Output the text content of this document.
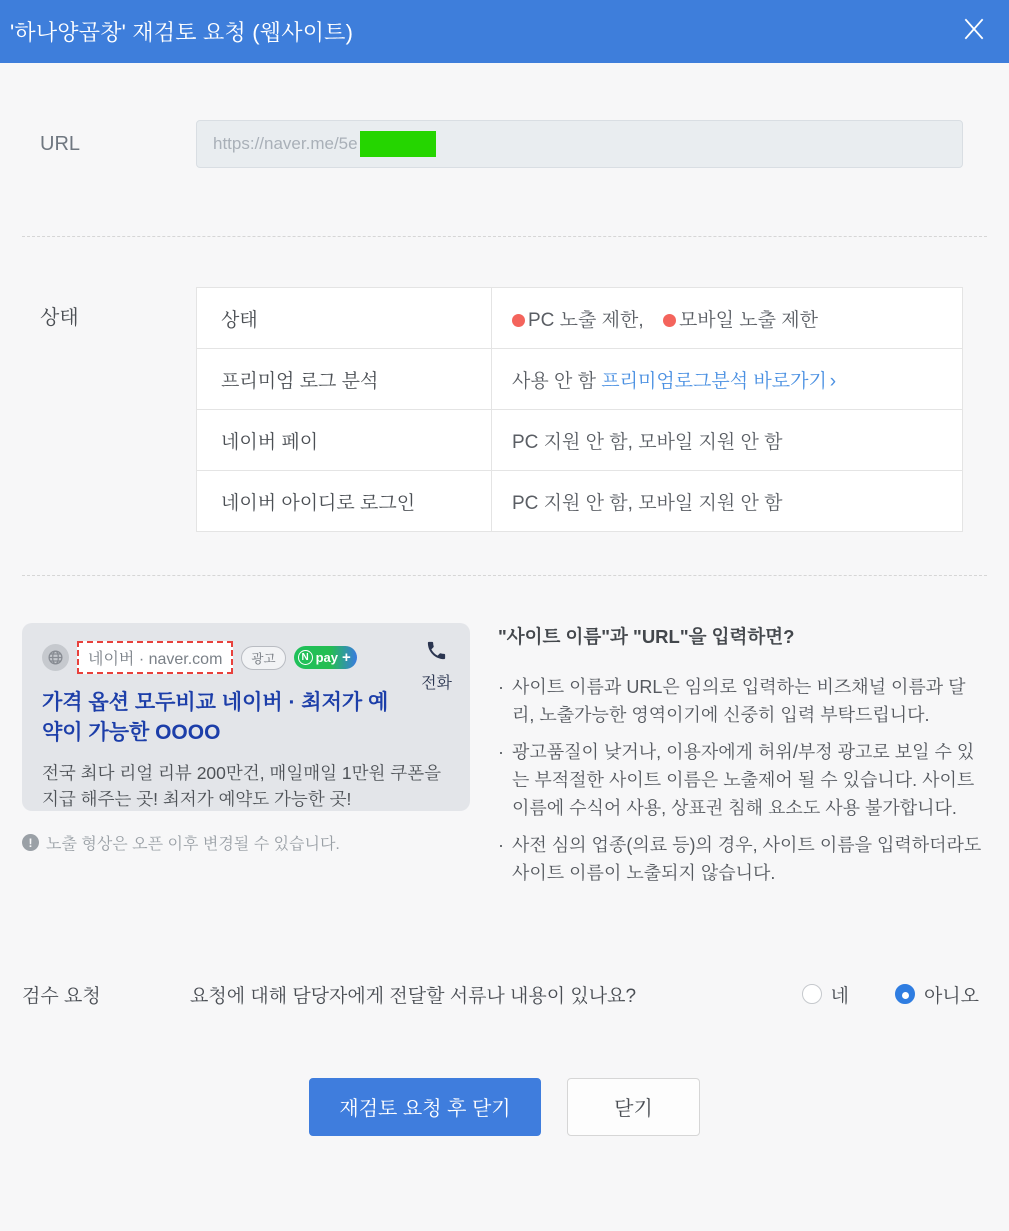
'하나양곱창' 재검토 요청 (웹사이트)
URL	https://naver.me/5e
상태	상태	PC 노출 제한, 모바일 노출 제한
프리미엄 로그 분석	사용 안 함 프리미엄로그분석 바로가기 ›
네이버 페이	PC 지원 안 함, 모바일 지원 안 함
네이버 아이디로 로그인	PC 지원 안 함, 모바일 지원 안 함
네이버 · naver.com	광고	N pay +
전화
가격 옵션 모두비교 네이버 · 최저가 예약이 가능한 OOOO
전국 최다 리얼 리뷰 200만건, 매일매일 1만원 쿠폰을 지급 해주는 곳! 최저가 예약도 가능한 곳!
! 노출 형상은 오픈 이후 변경될 수 있습니다.
"사이트 이름"과 "URL"을 입력하면?
· 사이트 이름과 URL은 임의로 입력하는 비즈채널 이름과 달리, 노출가능한 영역이기에 신중히 입력 부탁드립니다.
· 광고품질이 낮거나, 이용자에게 허위/부정 광고로 보일 수 있는 부적절한 사이트 이름은 노출제어 될 수 있습니다. 사이트이름에 수식어 사용, 상표권 침해 요소도 사용 불가합니다.
· 사전 심의 업종(의료 등)의 경우, 사이트 이름을 입력하더라도 사이트 이름이 노출되지 않습니다.
검수 요청	요청에 대해 담당자에게 전달할 서류나 내용이 있나요?	네	아니오
재검토 요청 후 닫기	닫기
